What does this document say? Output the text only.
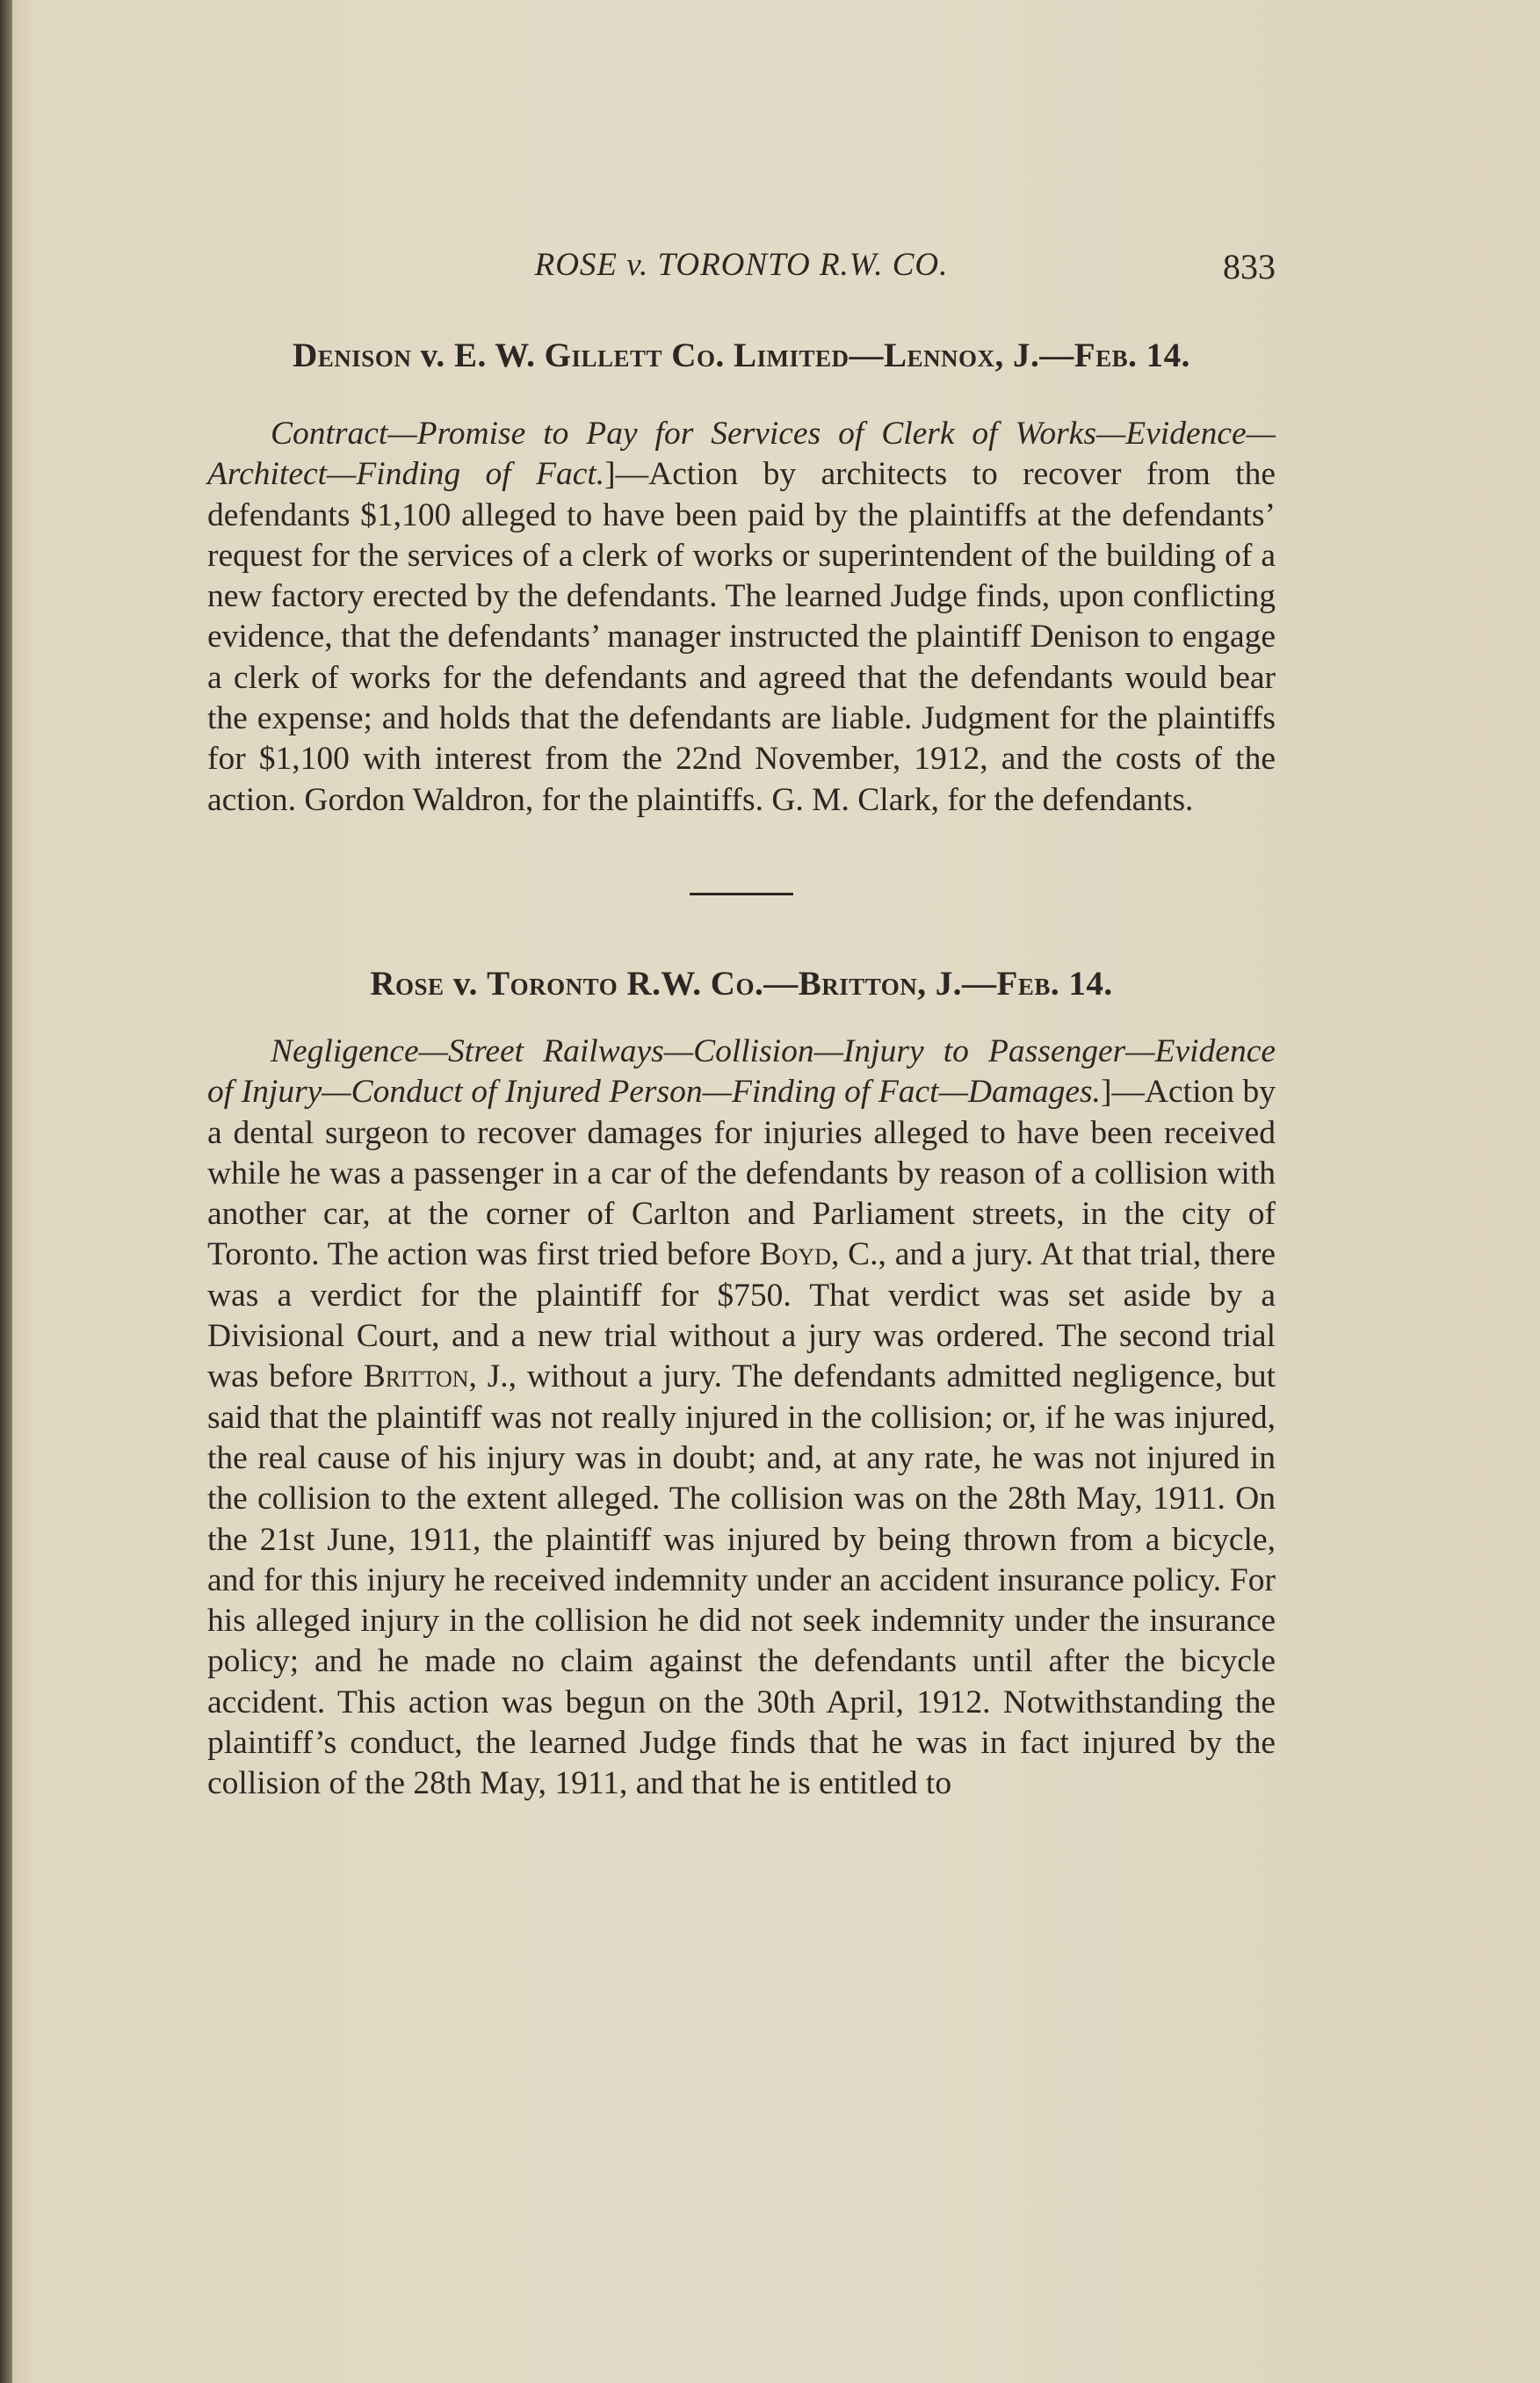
ROSE v. TORONTO R.W. CO.	833
Denison v. E. W. Gillett Co. Limited—Lennox, J.—Feb. 14.

Contract—Promise to Pay for Services of Clerk of Works—Evidence—Architect—Finding of Fact.]—Action by architects to recover from the defendants $1,100 alleged to have been paid by the plaintiffs at the defendants’ request for the services of a clerk of works or superintendent of the building of a new factory erected by the defendants. The learned Judge finds, upon conflicting evidence, that the defendants’ manager instructed the plaintiff Denison to engage a clerk of works for the defendants and agreed that the defendants would bear the expense; and holds that the defendants are liable. Judgment for the plaintiffs for $1,100 with interest from the 22nd November, 1912, and the costs of the action. Gordon Waldron, for the plaintiffs. G. M. Clark, for the defendants.

Rose v. Toronto R.W. Co.—Britton, J.—Feb. 14.

Negligence—Street Railways—Collision—Injury to Passenger—Evidence of Injury—Conduct of Injured Person—Finding of Fact—Damages.]—Action by a dental surgeon to recover damages for injuries alleged to have been received while he was a passenger in a car of the defendants by reason of a collision with another car, at the corner of Carlton and Parliament streets, in the city of Toronto. The action was first tried before Boyd, C., and a jury. At that trial, there was a verdict for the plaintiff for $750. That verdict was set aside by a Divisional Court, and a new trial without a jury was ordered. The second trial was before Britton, J., without a jury. The defendants admitted negligence, but said that the plaintiff was not really injured in the collision; or, if he was injured, the real cause of his injury was in doubt; and, at any rate, he was not injured in the collision to the extent alleged. The collision was on the 28th May, 1911. On the 21st June, 1911, the plaintiff was injured by being thrown from a bicycle, and for this injury he received indemnity under an accident insurance policy. For his alleged injury in the collision he did not seek indemnity under the insurance policy; and he made no claim against the defendants until after the bicycle accident. This action was begun on the 30th April, 1912. Notwithstanding the plaintiff’s conduct, the learned Judge finds that he was in fact injured by the collision of the 28th May, 1911, and that he is entitled to
